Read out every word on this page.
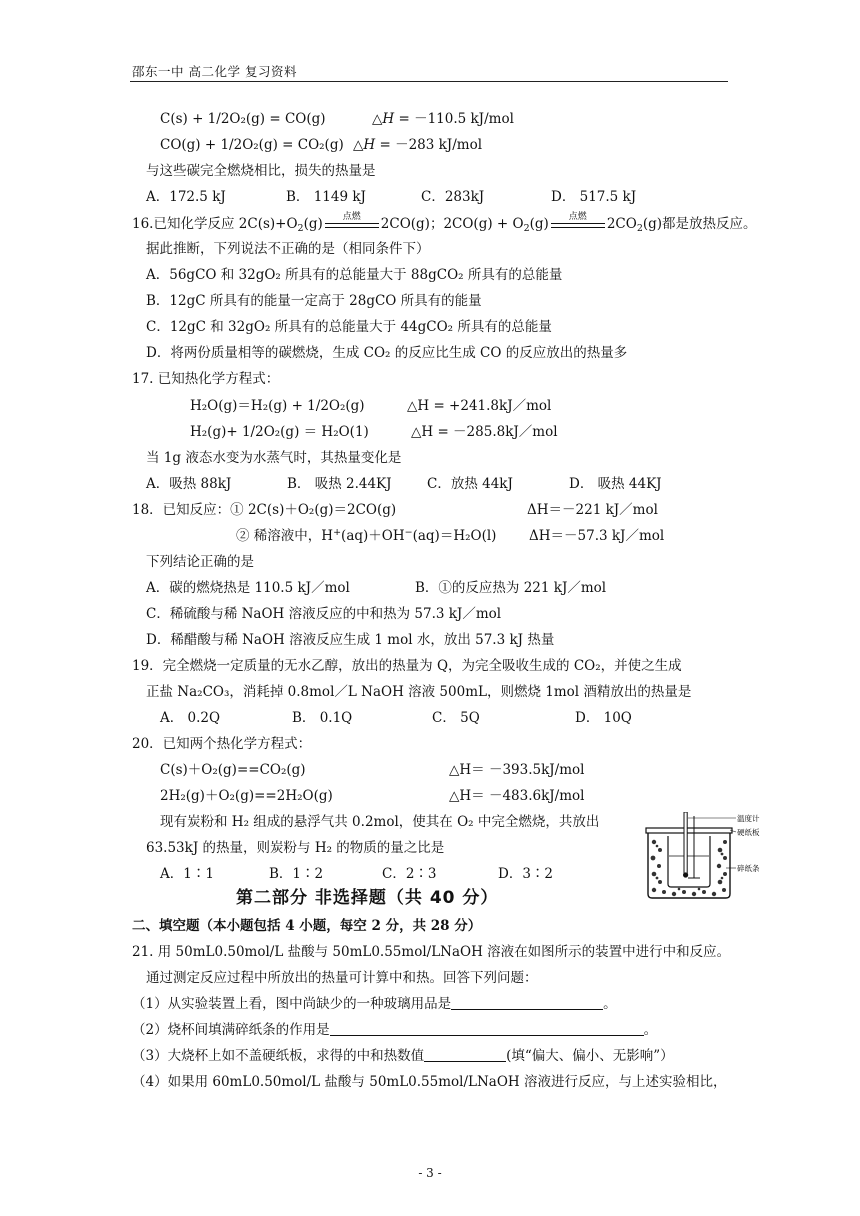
邵东一中 高二化学 复习资料
C(s) + 1/2O₂(g) = CO(g)	△H = －110.5 kJ/mol
CO(g) + 1/2O₂(g) = CO₂(g) △H = －283 kJ/mol
与这些碳完全燃烧相比，损失的热量是
A．172.5 kJ	B． 1149 kJ	C．283kJ	D． 517.5 kJ
16.已知化学反应 $2C(s)+O_2(g)$	点燃	2CO(g)；$2CO(g) + O_2(g)$	点燃	$2CO_2(g)$都是放热反应。
据此推断，下列说法不正确的是（相同条件下）
A．56gCO 和 32gO₂ 所具有的总能量大于 88gCO₂ 所具有的总能量
B．12gC 所具有的能量一定高于 28gCO 所具有的能量
C．12gC 和 32gO₂ 所具有的总能量大于 44gCO₂ 所具有的总能量
D．将两份质量相等的碳燃烧，生成 CO₂ 的反应比生成 CO 的反应放出的热量多
17. 已知热化学方程式：
H₂O(g)＝H₂(g) + 1/2O₂(g)	△H = +241.8kJ／mol
H₂(g)+ 1/2O₂(g) ＝ H₂O(1)	△H = －285.8kJ／mol
当 1g 液态水变为水蒸气时，其热量变化是
A．吸热 88kJ	B． 吸热 2.44KJ	C．放热 44kJ	D． 吸热 44KJ
18．已知反应：① 2C(s)＋O₂(g)＝2CO(g)	ΔH＝－221 kJ／mol
② 稀溶液中，H+(aq)＋OH−(aq)＝H₂O(l) ΔH＝－57.3 kJ／mol
下列结论正确的是
A．碳的燃烧热是 110.5 kJ／mol	B．①的反应热为 221 kJ／mol
C．稀硫酸与稀 NaOH 溶液反应的中和热为 57.3 kJ／mol
D．稀醋酸与稀 NaOH 溶液反应生成 1 mol 水，放出 57.3 kJ 热量
19．完全燃烧一定质量的无水乙醇，放出的热量为 Q，为完全吸收生成的 CO₂，并使之生成
正盐 Na₂CO₃，消耗掉 0.8mol／L NaOH 溶液 500mL，则燃烧 1mol 酒精放出的热量是
A． 0.2Q	B． 0.1Q	C． 5Q	D． 10Q
20．已知两个热化学方程式：
C(s)＋O₂(g)==CO₂(g)	△H＝ －393.5kJ/mol
2H₂(g)＋O₂(g)==2H₂O(g)	△H＝ －483.6kJ/mol
现有炭粉和 H₂ 组成的悬浮气共 0.2mol，使其在 O₂ 中完全燃烧，共放出
63.53kJ 的热量，则炭粉与 H₂ 的物质的量之比是
A．1∶1	B．1∶2	C．2∶3	D．3∶2
温度计
硬纸板
碎纸条
第二部分 非选择题（共 40 分）
二、填空题（本小题包括 4 小题，每空 2 分，共 28 分）
21. 用 50mL0.50mol/L 盐酸与 50mL0.55mol/LNaOH 溶液在如图所示的装置中进行中和反应。
通过测定反应过程中所放出的热量可计算中和热。回答下列问题：
（1）从实验装置上看，图中尚缺少的一种玻璃用品是	。
（2）烧杯间填满碎纸条的作用是	。
（3）大烧杯上如不盖硬纸板，求得的中和热数值	(填“偏大、偏小、无影响”）
（4）如果用 60mL0.50mol/L 盐酸与 50mL0.55mol/LNaOH 溶液进行反应，与上述实验相比，
- 3 -
